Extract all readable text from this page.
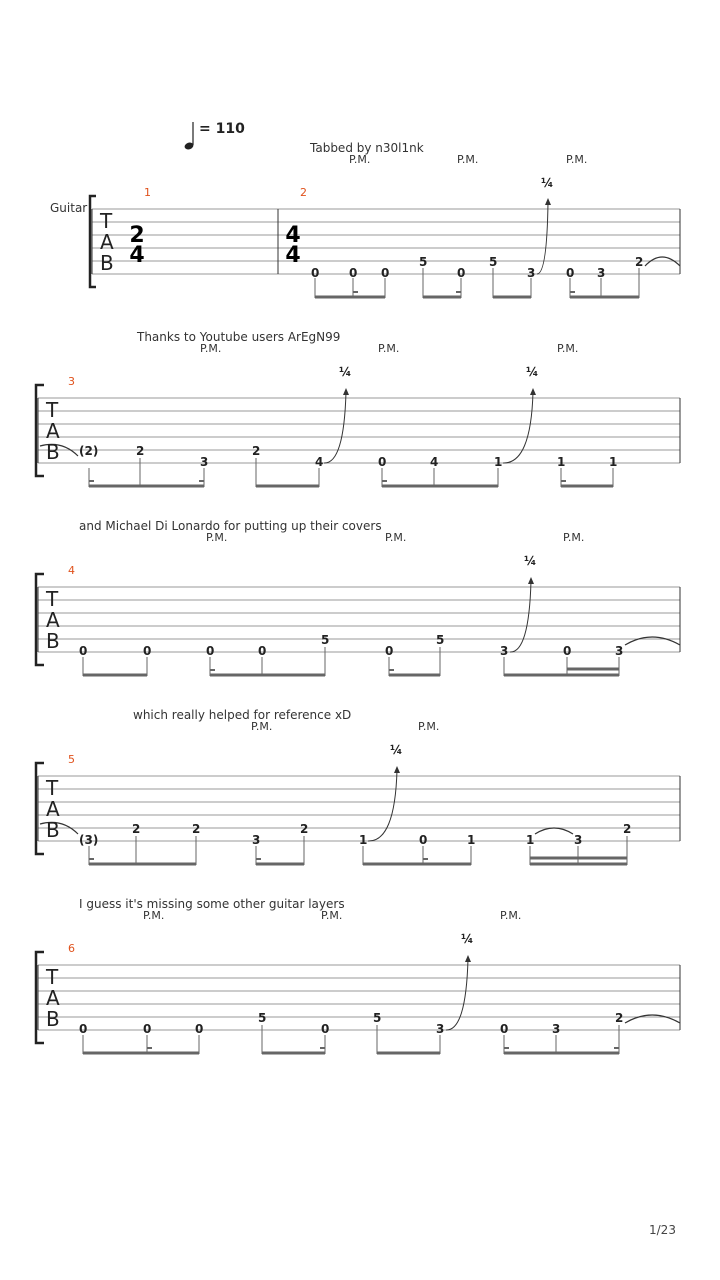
= 110
Tabbed by n30l1nk
Guitar
1	2
2
4
4
4
P.M.	P.M.	P.M.
¼
T
A
B	0 0 0
5
0
5
3	0 3
2
Thanks to Youtube users ArEgN99
3
P.M.	P.M.	P.M.
¼	¼
T
A
B (2)	2
3
2
4	0	4	1	1	1
and Michael Di Lonardo for putting up their covers
4
P.M.	P.M.	P.M.
¼
T
A
B 0	0	0	0
5
0
5
3	0	3
which really helped for reference xD
5
P.M.	P.M.
¼
T
A
B (3)
2	2
3
2
1	0	1	1	3
2
I guess it's missing some other guitar layers
6
P.M.	P.M.	P.M.
¼
T
A
B 0	0	0
5
0
5
3	0	3
2
1/23
